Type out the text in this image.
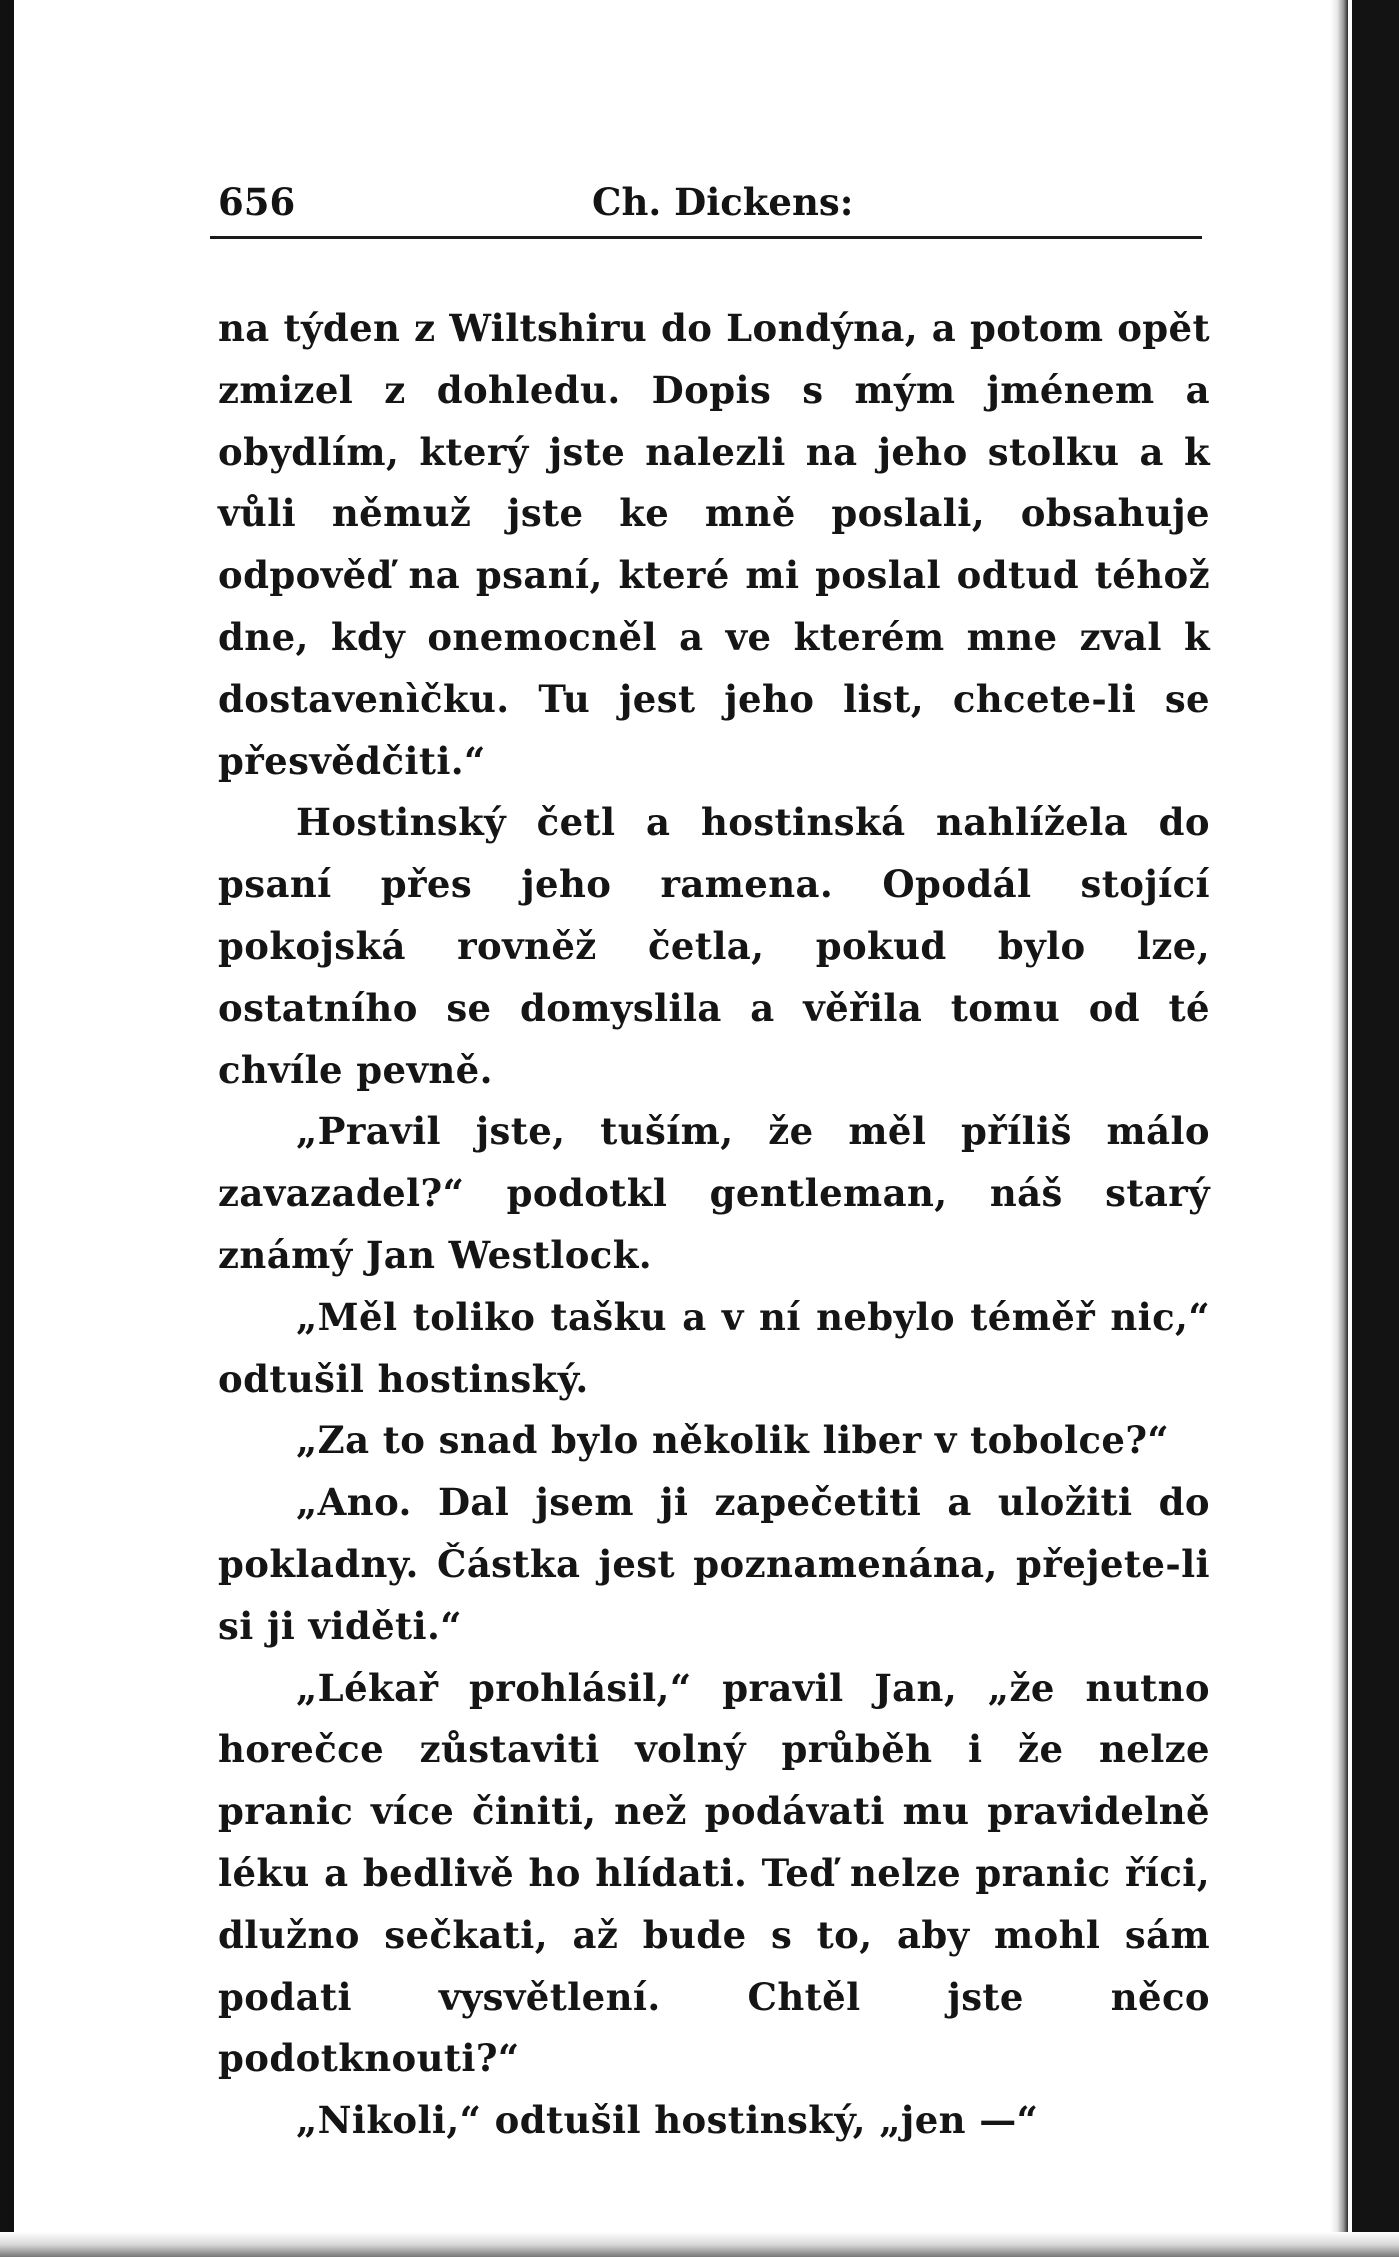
656	Ch. Dickens:

na týden z Wiltshiru do Londýna, a potom opět zmizel z dohledu. Dopis s mým jménem a obydlím, který jste nalezli na jeho stolku a k vůli němuž jste ke mně poslali, obsahuje odpověď na psaní, které mi poslal odtud téhož dne, kdy onemocněl a ve kterém mne zval k dostavenìčku. Tu jest jeho list, chcete-li se přesvědčiti.“

Hostinský četl a hostinská nahlížela do psaní přes jeho ramena. Opodál stojící pokojská rovněž četla, pokud bylo lze, ostatního se domyslila a věřila tomu od té chvíle pevně.

„Pravil jste, tuším, že měl příliš málo zavazadel?“ podotkl gentleman, náš starý známý Jan Westlock.

„Měl toliko tašku a v ní nebylo téměř nic,“ odtušil hostinský.

„Za to snad bylo několik liber v tobolce?“

„Ano. Dal jsem ji zapečetiti a uložiti do pokladny. Částka jest poznamenána, přejete-li si ji viděti.“

„Lékař prohlásil,“ pravil Jan, „že nutno horečce zůstaviti volný průběh i že nelze pranic více činiti, než podávati mu pravidelně léku a bedlivě ho hlídati. Teď nelze pranic říci, dlužno sečkati, až bude s to, aby mohl sám podati vysvětlení. Chtěl jste něco podotknouti?“

„Nikoli,“ odtušil hostinský, „jen —“
